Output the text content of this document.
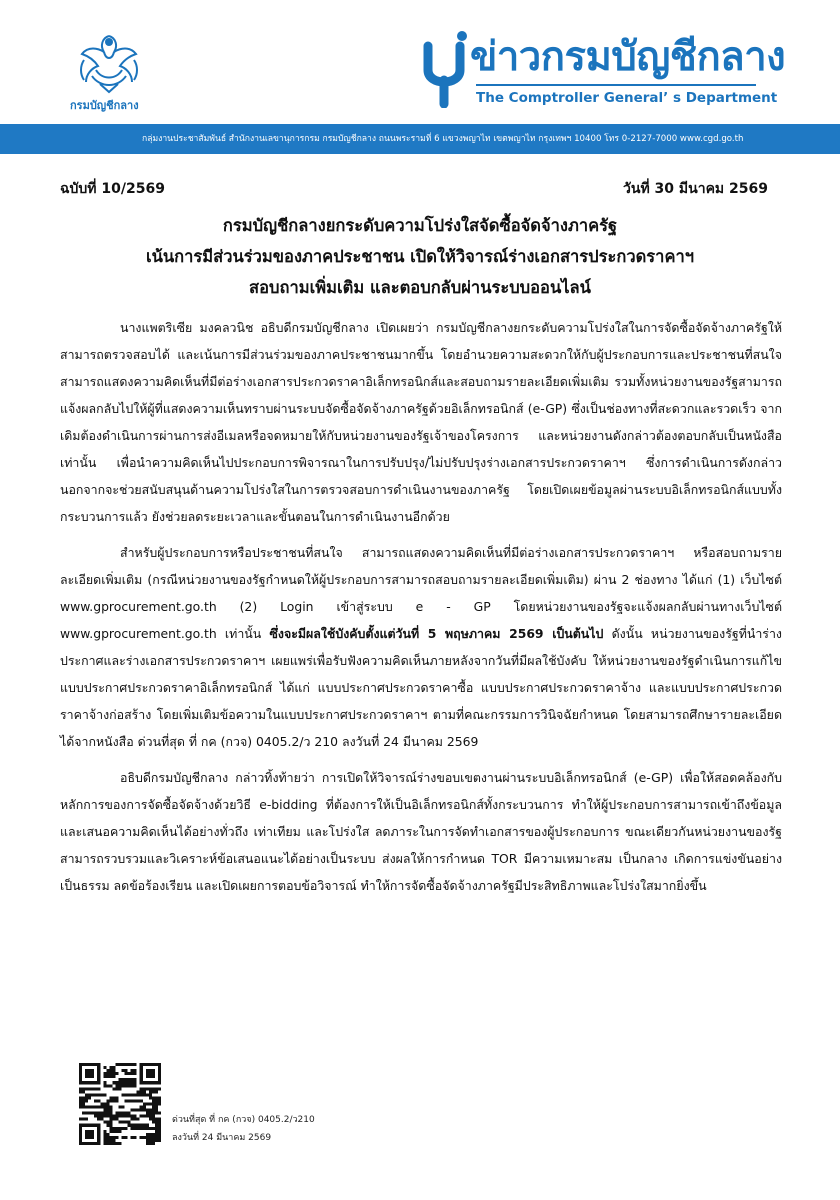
กรมบัญชีกลาง
ข่าวกรมบัญชีกลาง
The Comptroller General’ s Department
กลุ่มงานประชาสัมพันธ์ สำนักงานเลขานุการกรม กรมบัญชีกลาง ถนนพระรามที่ 6 แขวงพญาไท เขตพญาไท กรุงเทพฯ 10400 โทร 0-2127-7000 www.cgd.go.th
ฉบับที่ 10/2569	วันที่ 30 มีนาคม 2569
กรมบัญชีกลางยกระดับความโปร่งใสจัดซื้อจัดจ้างภาครัฐ
เน้นการมีส่วนร่วมของภาคประชาชน เปิดให้วิจารณ์ร่างเอกสารประกวดราคาฯ
สอบถามเพิ่มเติม และตอบกลับผ่านระบบออนไลน์

นางแพตริเซีย มงคลวนิช อธิบดีกรมบัญชีกลาง เปิดเผยว่า กรมบัญชีกลางยกระดับความโปร่งใสในการจัดซื้อจัดจ้างภาครัฐให้สามารถตรวจสอบได้ และเน้นการมีส่วนร่วมของภาคประชาชนมากขึ้น โดยอำนวยความสะดวกให้กับผู้ประกอบการและประชาชนที่สนใจสามารถแสดงความคิดเห็นที่มีต่อร่างเอกสารประกวดราคาอิเล็กทรอนิกส์และสอบถามรายละเอียดเพิ่มเติม รวมทั้งหน่วยงานของรัฐสามารถแจ้งผลกลับไปให้ผู้ที่แสดงความเห็นทราบผ่านระบบจัดซื้อจัดจ้างภาครัฐด้วยอิเล็กทรอนิกส์ (e-GP) ซึ่งเป็นช่องทางที่สะดวกและรวดเร็ว จากเดิมต้องดำเนินการผ่านการส่งอีเมลหรือจดหมายให้กับหน่วยงานของรัฐเจ้าของโครงการ และหน่วยงานดังกล่าวต้องตอบกลับเป็นหนังสือเท่านั้น เพื่อนำความคิดเห็นไปประกอบการพิจารณาในการปรับปรุง/ไม่ปรับปรุงร่างเอกสารประกวดราคาฯ ซึ่งการดำเนินการดังกล่าว นอกจากจะช่วยสนับสนุนด้านความโปร่งใสในการตรวจสอบการดำเนินงานของภาครัฐ โดยเปิดเผยข้อมูลผ่านระบบอิเล็กทรอนิกส์แบบทั้งกระบวนการแล้ว ยังช่วยลดระยะเวลาและขั้นตอนในการดำเนินงานอีกด้วย

สำหรับผู้ประกอบการหรือประชาชนที่สนใจ สามารถแสดงความคิดเห็นที่มีต่อร่างเอกสารประกวดราคาฯ หรือสอบถามรายละเอียดเพิ่มเติม (กรณีหน่วยงานของรัฐกำหนดให้ผู้ประกอบการสามารถสอบถามรายละเอียดเพิ่มเติม) ผ่าน 2 ช่องทาง ได้แก่ (1) เว็บไซต์ www.gprocurement.go.th (2) Login เข้าสู่ระบบ e - GP โดยหน่วยงานของรัฐจะแจ้งผลกลับผ่านทางเว็บไซต์ www.gprocurement.go.th เท่านั้น ซึ่งจะมีผลใช้บังคับตั้งแต่วันที่ 5 พฤษภาคม 2569 เป็นต้นไป ดังนั้น หน่วยงานของรัฐที่นำร่างประกาศและร่างเอกสารประกวดราคาฯ เผยแพร่เพื่อรับฟังความคิดเห็นภายหลังจากวันที่มีผลใช้บังคับ ให้หน่วยงานของรัฐดำเนินการแก้ไขแบบประกาศประกวดราคาอิเล็กทรอนิกส์ ได้แก่ แบบประกาศประกวดราคาซื้อ แบบประกาศประกวดราคาจ้าง และแบบประกาศประกวดราคาจ้างก่อสร้าง โดยเพิ่มเติมข้อความในแบบประกาศประกวดราคาฯ ตามที่คณะกรรมการวินิจฉัยกำหนด โดยสามารถศึกษารายละเอียดได้จากหนังสือ ด่วนที่สุด ที่ กค (กวจ) 0405.2/ว 210 ลงวันที่ 24 มีนาคม 2569

อธิบดีกรมบัญชีกลาง กล่าวทิ้งท้ายว่า การเปิดให้วิจารณ์ร่างขอบเขตงานผ่านระบบอิเล็กทรอนิกส์ (e-GP) เพื่อให้สอดคล้องกับหลักการของการจัดซื้อจัดจ้างด้วยวิธี e-bidding ที่ต้องการให้เป็นอิเล็กทรอนิกส์ทั้งกระบวนการ ทำให้ผู้ประกอบการสามารถเข้าถึงข้อมูลและเสนอความคิดเห็นได้อย่างทั่วถึง เท่าเทียม และโปร่งใส ลดภาระในการจัดทำเอกสารของผู้ประกอบการ ขณะเดียวกันหน่วยงานของรัฐสามารถรวบรวมและวิเคราะห์ข้อเสนอแนะได้อย่างเป็นระบบ ส่งผลให้การกำหนด TOR มีความเหมาะสม เป็นกลาง เกิดการแข่งขันอย่างเป็นธรรม ลดข้อร้องเรียน และเปิดเผยการตอบข้อวิจารณ์ ทำให้การจัดซื้อจัดจ้างภาครัฐมีประสิทธิภาพและโปร่งใสมากยิ่งขึ้น

ด่วนที่สุด ที่ กค (กวจ) 0405.2/ว210
ลงวันที่ 24 มีนาคม 2569
